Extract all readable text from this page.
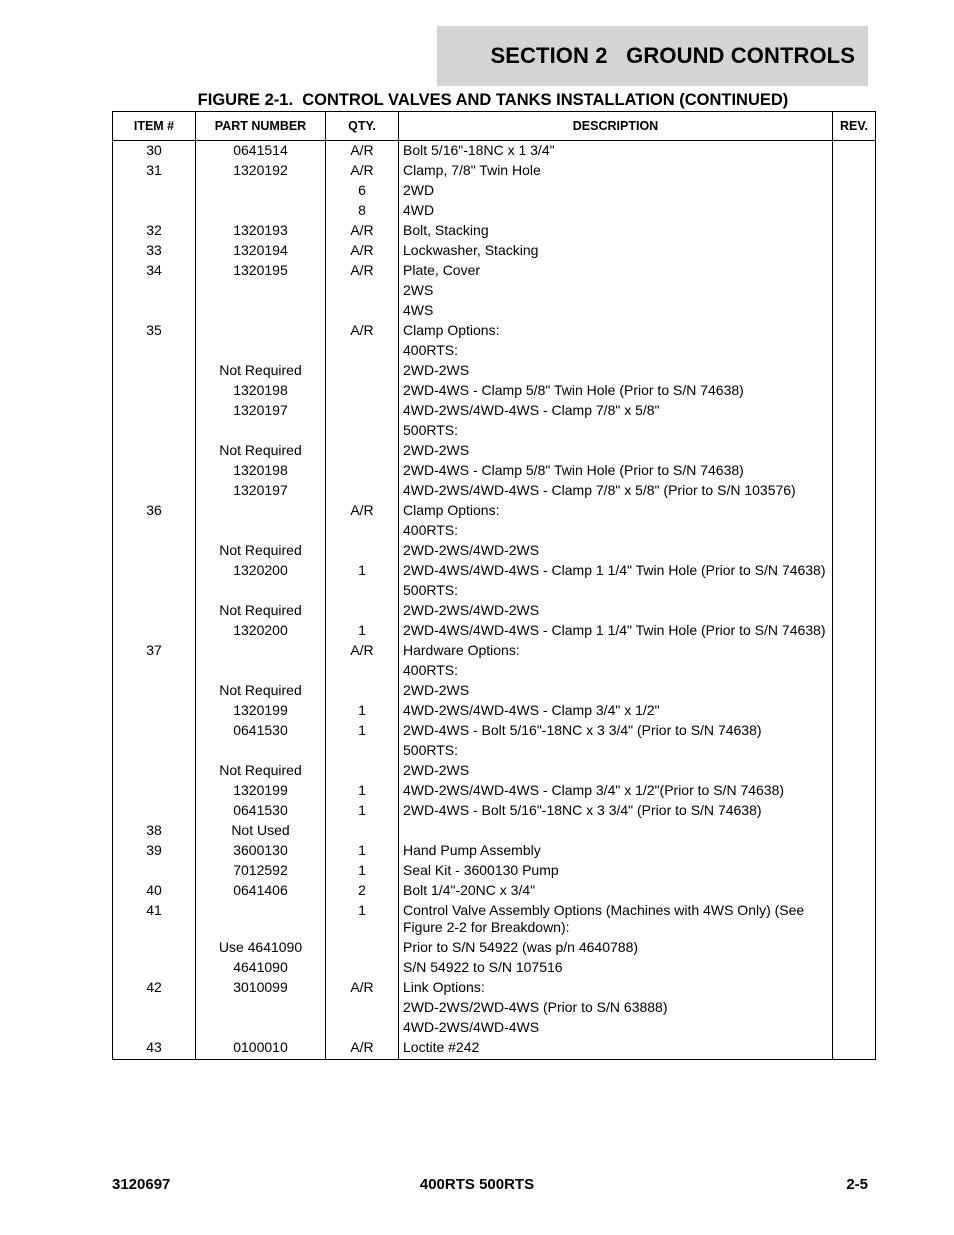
SECTION 2   GROUND CONTROLS
FIGURE 2-1.  CONTROL VALVES AND TANKS INSTALLATION (CONTINUED)
ITEM #	PART NUMBER	QTY.	DESCRIPTION	REV.
30	0641514	A/R	Bolt 5/16"-18NC x 1 3/4"	
31	1320192	A/R	Clamp, 7/8" Twin Hole	
		6	2WD	
		8	4WD	
32	1320193	A/R	Bolt, Stacking	
33	1320194	A/R	Lockwasher, Stacking	
34	1320195	A/R	Plate, Cover	
			2WS	
			4WS	
35		A/R	Clamp Options:	
			400RTS:	
	Not Required		2WD-2WS	
	1320198		2WD-4WS - Clamp 5/8" Twin Hole (Prior to S/N 74638)	
	1320197		4WD-2WS/4WD-4WS - Clamp 7/8" x 5/8"	
			500RTS:	
	Not Required		2WD-2WS	
	1320198		2WD-4WS - Clamp 5/8" Twin Hole (Prior to S/N 74638)	
	1320197		4WD-2WS/4WD-4WS - Clamp 7/8" x 5/8" (Prior to S/N 103576)	
36		A/R	Clamp Options:	
			400RTS:	
	Not Required		2WD-2WS/4WD-2WS	
	1320200	1	2WD-4WS/4WD-4WS - Clamp 1 1/4" Twin Hole (Prior to S/N 74638)	
			500RTS:	
	Not Required		2WD-2WS/4WD-2WS	
	1320200	1	2WD-4WS/4WD-4WS - Clamp 1 1/4" Twin Hole (Prior to S/N 74638)	
37		A/R	Hardware Options:	
			400RTS:	
	Not Required		2WD-2WS	
	1320199	1	4WD-2WS/4WD-4WS - Clamp 3/4" x 1/2"	
	0641530	1	2WD-4WS - Bolt 5/16"-18NC x 3 3/4" (Prior to S/N 74638)	
			500RTS:	
	Not Required		2WD-2WS	
	1320199	1	4WD-2WS/4WD-4WS - Clamp 3/4" x 1/2"(Prior to S/N 74638)	
	0641530	1	2WD-4WS - Bolt 5/16"-18NC x 3 3/4" (Prior to S/N 74638)	
38	Not Used			
39	3600130	1	Hand Pump Assembly	
	7012592	1	Seal Kit - 3600130 Pump	
40	0641406	2	Bolt 1/4"-20NC x 3/4"	
41		1	Control Valve Assembly Options (Machines with 4WS Only) (See Figure 2-2 for Breakdown):	
	Use 4641090		Prior to S/N 54922 (was p/n 4640788)	
	4641090		S/N 54922 to S/N 107516	
42	3010099	A/R	Link Options:	
			2WD-2WS/2WD-4WS (Prior to S/N 63888)	
			4WD-2WS/4WD-4WS	
43	0100010	A/R	Loctite #242	
3120697	400RTS 500RTS	2-5
